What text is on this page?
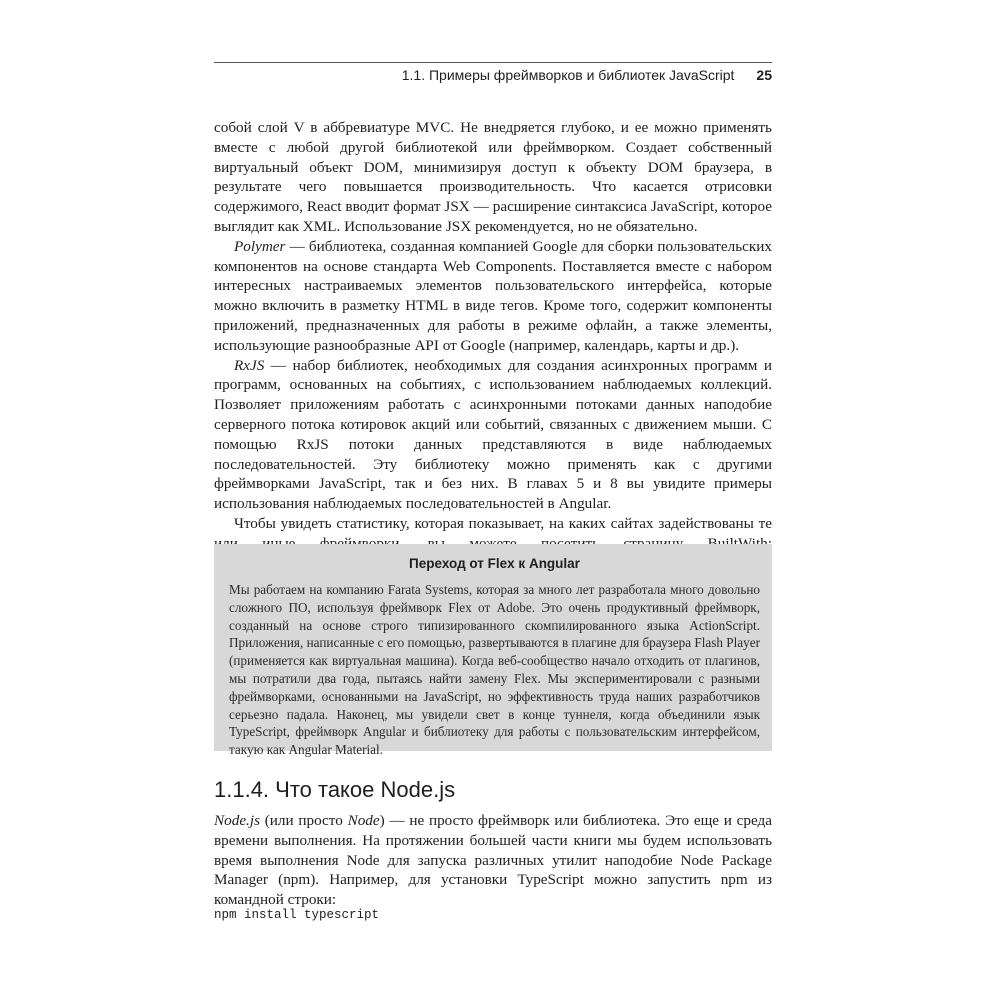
1.1. Примеры фреймворков и библиотек JavaScript 25

собой слой V в аббревиатуре MVC. Не внедряется глубоко, и ее можно применять вместе с любой другой библиотекой или фреймворком. Создает собственный виртуальный объект DOM, минимизируя доступ к объекту DOM браузера, в результате чего повышается производительность. Что касается отрисовки содержимого, React вводит формат JSX — расширение синтаксиса JavaScript, которое выглядит как XML. Использование JSX рекомендуется, но не обязательно.

Polymer — библиотека, созданная компанией Google для сборки пользовательских компонентов на основе стандарта Web Components. Поставляется вместе с набором интересных настраиваемых элементов пользовательского интерфейса, которые можно включить в разметку HTML в виде тегов. Кроме того, содержит компоненты приложений, предназначенных для работы в режиме офлайн, а также элементы, использующие разнообразные API от Google (например, календарь, карты и др.).

RxJS — набор библиотек, необходимых для создания асинхронных программ и программ, основанных на событиях, с использованием наблюдаемых коллекций. Позволяет приложениям работать с асинхронными потоками данных наподобие серверного потока котировок акций или событий, связанных с движением мыши. С помощью RxJS потоки данных представляются в виде наблюдаемых последовательностей. Эту библиотеку можно применять как с другими фреймворками JavaScript, так и без них. В главах 5 и 8 вы увидите примеры использования наблюдаемых последовательностей в Angular.

Чтобы увидеть статистику, которая показывает, на каких сайтах задействованы те

Переход от Flex к Angular

Мы работаем на компанию Farata Systems, которая за много лет разработала много довольно сложного ПО, используя фреймворк Flex от Adobe. Это очень продуктивный фреймворк, созданный на основе строго типизированного скомпилированного языка ActionScript. Приложения, написанные с его помощью, развертываются в плагине для браузера Flash Player (применяется как виртуальная машина). Когда веб-сообщество начало отходить от плагинов, мы потратили два года, пытаясь найти замену Flex. Мы экспериментировали с разными фреймворками, основанными на JavaScript, но эффективность труда наших разработчиков серьезно падала. Наконец, мы увидели свет в конце туннеля, когда объединили язык TypeScript, фреймворк Angular и библиотеку для работы с пользовательским интерфейсом, такую как Angular Material.

1.1.4. Что такое Node.js

Node.js (или просто Node) — не просто фреймворк или библиотека. Это еще и среда времени выполнения. На протяжении большей части книги мы будем использовать время выполнения Node для запуска различных утилит наподобие Node Package Manager (npm). Например, для установки TypeScript можно запустить npm из командной строки:

npm install typescript
